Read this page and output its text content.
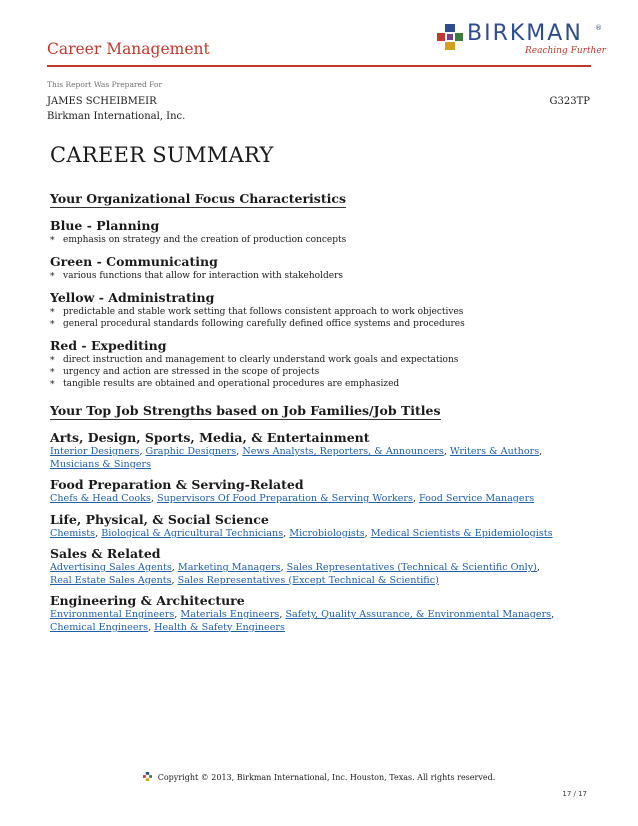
Career Management
BIRKMAN ®
Reaching Further
This Report Was Prepared For
JAMES SCHEIBMEIR	G323TP
Birkman International, Inc.
CAREER SUMMARY
Your Organizational Focus Characteristics
Blue - Planning
* emphasis on strategy and the creation of production concepts
Green - Communicating
* various functions that allow for interaction with stakeholders
Yellow - Administrating
* predictable and stable work setting that follows consistent approach to work objectives
* general procedural standards following carefully defined office systems and procedures
Red - Expediting
* direct instruction and management to clearly understand work goals and expectations
* urgency and action are stressed in the scope of projects
* tangible results are obtained and operational procedures are emphasized
Your Top Job Strengths based on Job Families/Job Titles
Arts, Design, Sports, Media, & Entertainment
Interior Designers, Graphic Designers, News Analysts, Reporters, & Announcers, Writers & Authors,
Musicians & Singers
Food Preparation & Serving-Related
Chefs & Head Cooks, Supervisors Of Food Preparation & Serving Workers, Food Service Managers
Life, Physical, & Social Science
Chemists, Biological & Agricultural Technicians, Microbiologists, Medical Scientists & Epidemiologists
Sales & Related
Advertising Sales Agents, Marketing Managers, Sales Representatives (Technical & Scientific Only),
Real Estate Sales Agents, Sales Representatives (Except Technical & Scientific)
Engineering & Architecture
Environmental Engineers, Materials Engineers, Safety, Quality Assurance, & Environmental Managers,
Chemical Engineers, Health & Safety Engineers
Copyright © 2013, Birkman International, Inc. Houston, Texas. All rights reserved.
17 / 17
